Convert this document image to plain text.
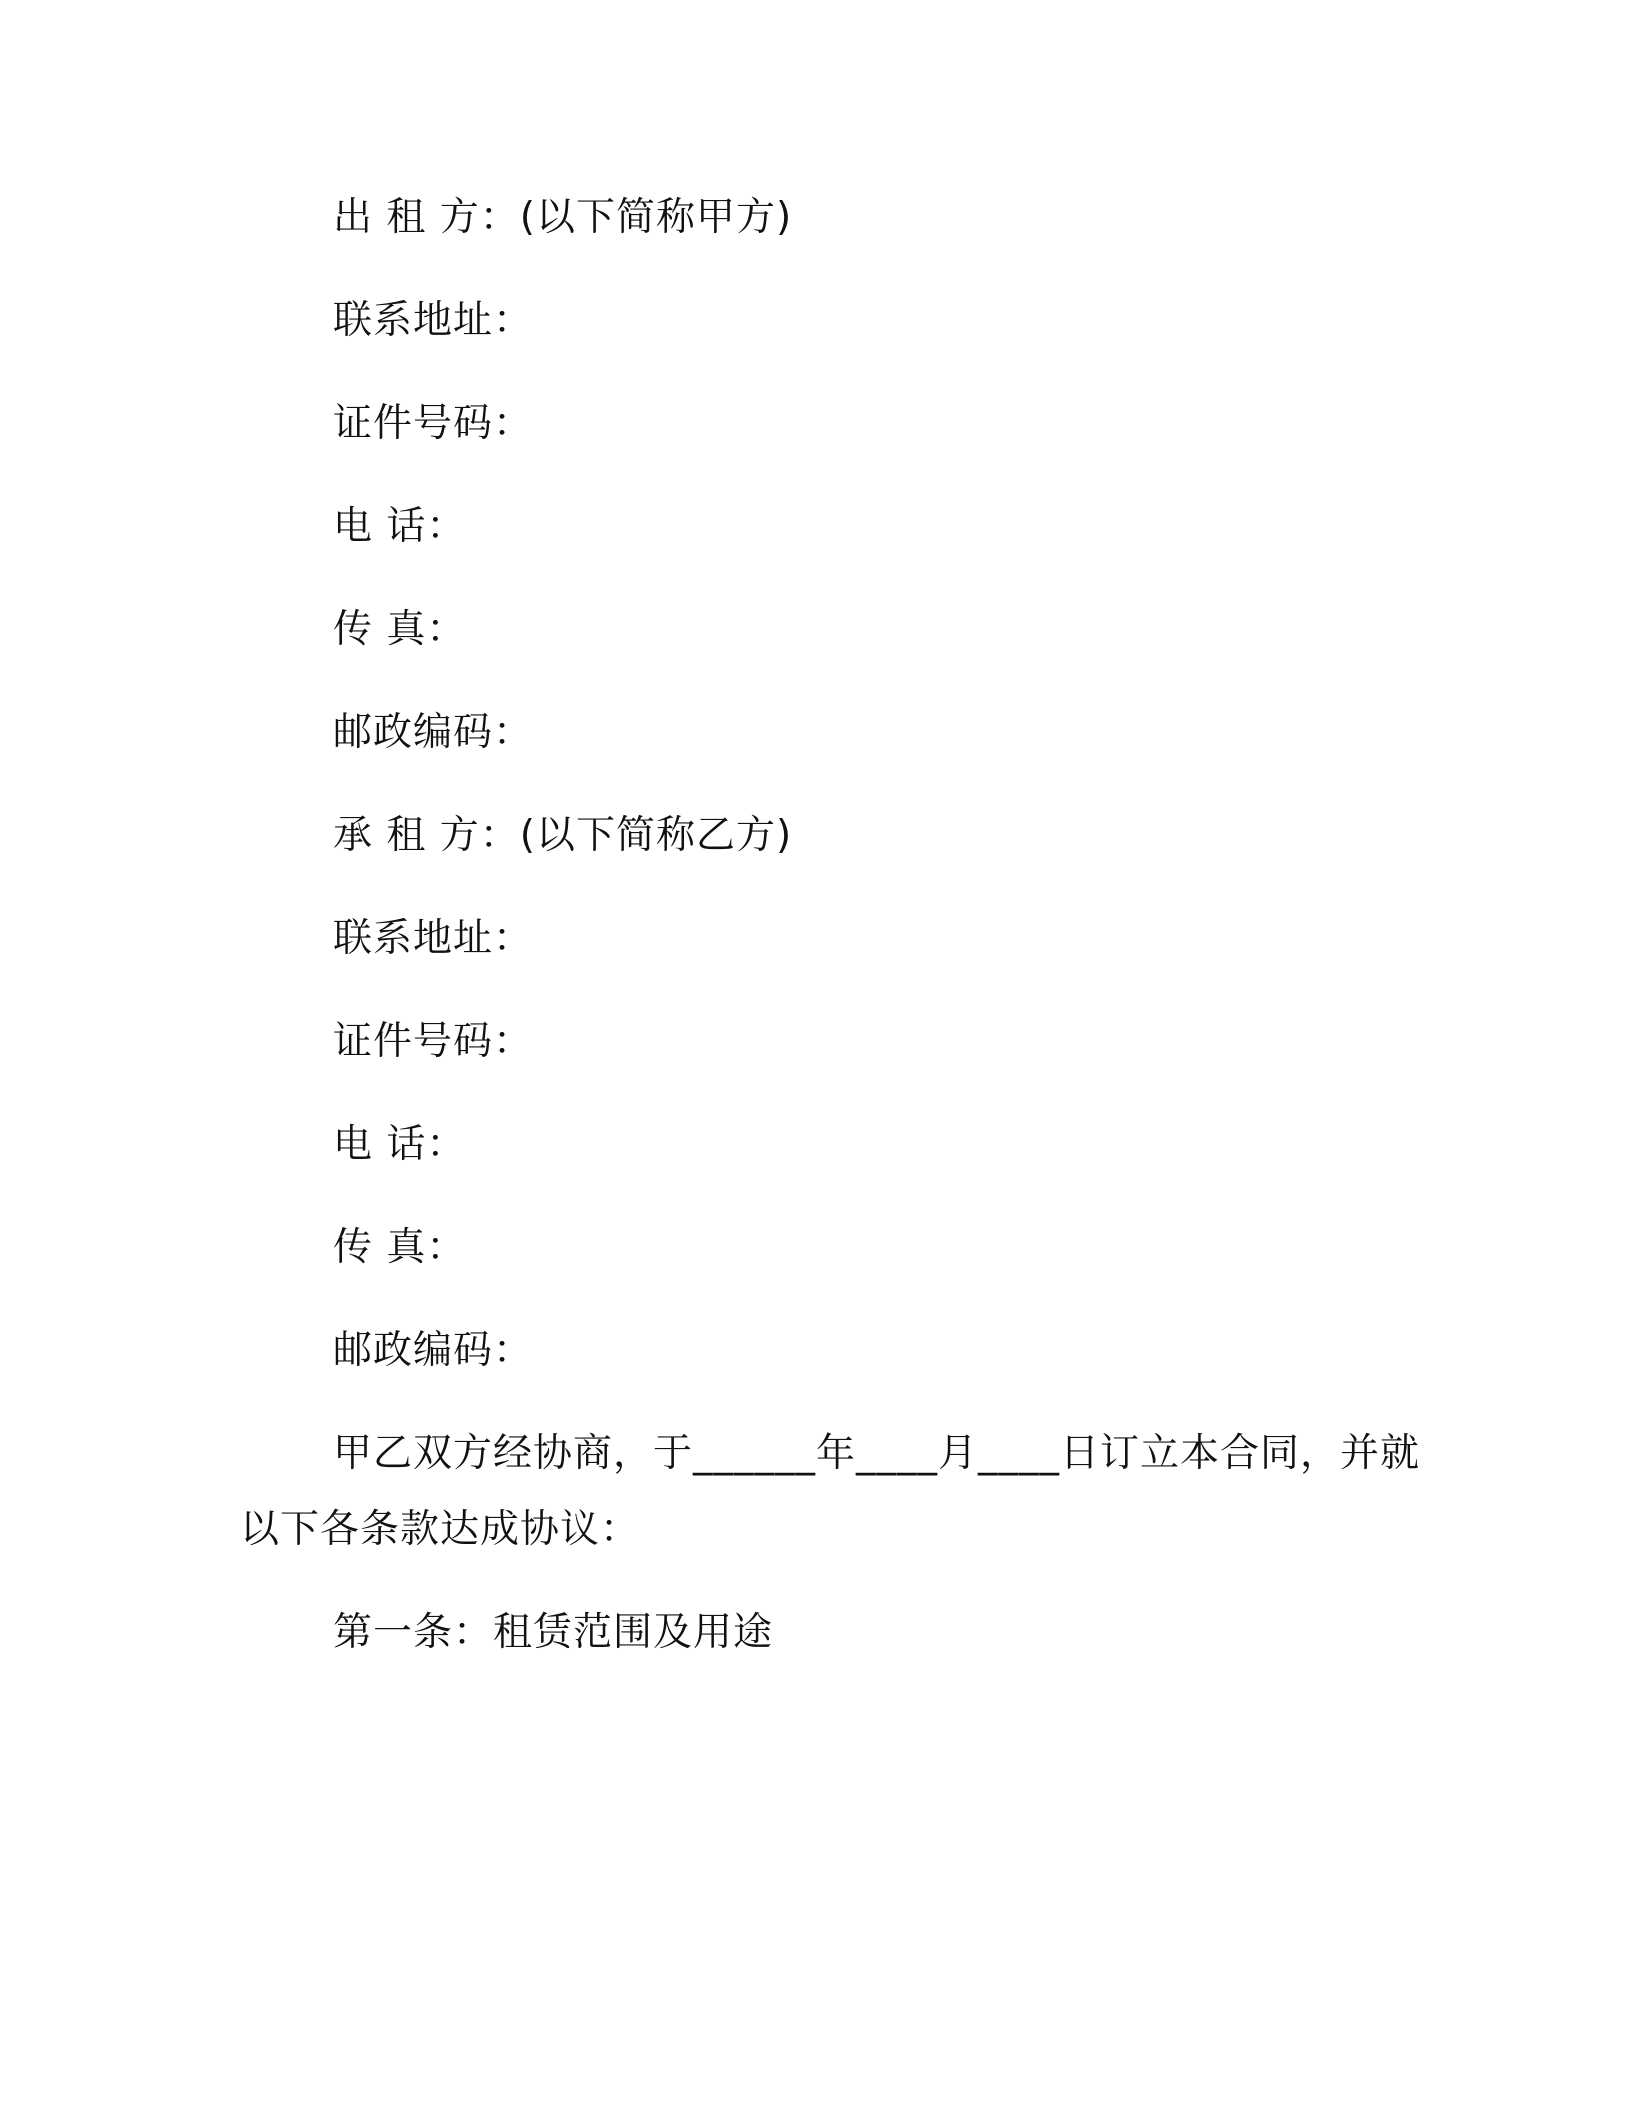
出 租 方：(以下简称甲方)
联系地址：
证件号码：
电 话：
传 真：
邮政编码：
承 租 方：(以下简称乙方)
联系地址：
证件号码：
电 话：
传 真：
邮政编码：
甲乙双方经协商，于______年____月____日订立本合同，并就
以下各条款达成协议：
第一条：租赁范围及用途
